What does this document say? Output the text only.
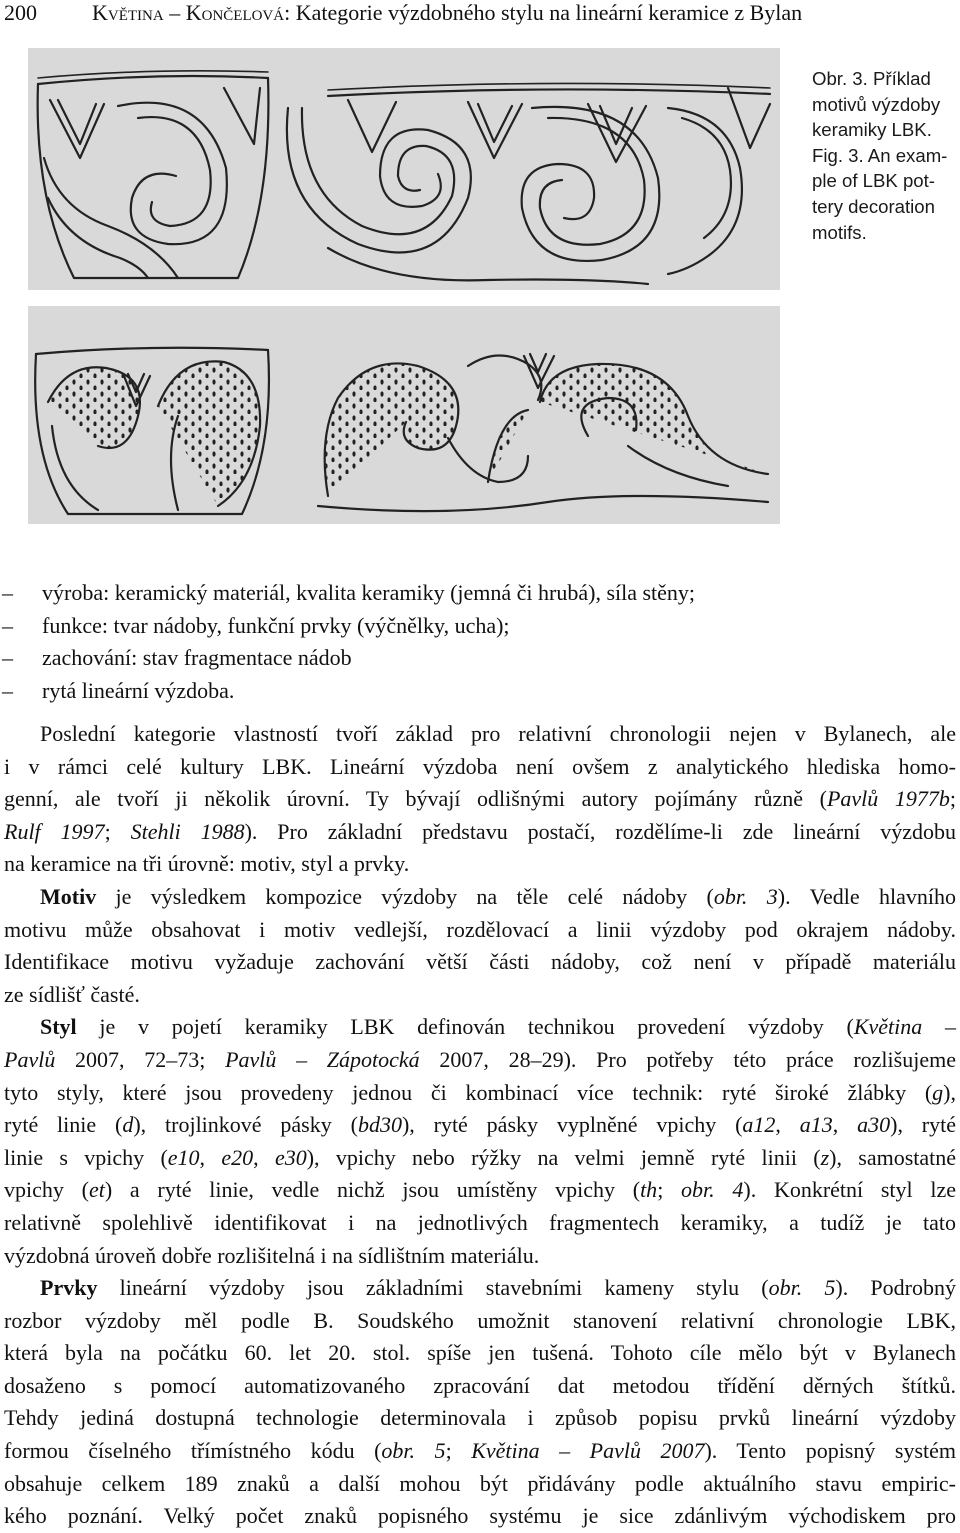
200	Květina – Končelová: Kategorie výzdobného stylu na lineární keramice z Bylan
Obr. 3. Příklad
motivů výzdoby
keramiky LBK.
Fig. 3. An exam-
ple of LBK pot-
tery decoration
motifs.
–	výroba: keramický materiál, kvalita keramiky (jemná či hrubá), síla stěny;
–	funkce: tvar nádoby, funkční prvky (výčnělky, ucha);
–	zachování: stav fragmentace nádob
–	rytá lineární výzdoba.
Poslední kategorie vlastností tvoří základ pro relativní chronologii nejen v Bylanech, ale
i v rámci celé kultury LBK. Lineární výzdoba není ovšem z analytického hlediska homo-
genní, ale tvoří ji několik úrovní. Ty bývají odlišnými autory pojímány různě (Pavlů 1977b;
Rulf 1997; Stehli 1988). Pro základní představu postačí, rozdělíme-li zde lineární výzdobu
na keramice na tři úrovně: motiv, styl a prvky.
Motiv je výsledkem kompozice výzdoby na těle celé nádoby (obr. 3). Vedle hlavního
motivu může obsahovat i motiv vedlejší, rozdělovací a linii výzdoby pod okrajem nádoby.
Identifikace motivu vyžaduje zachování větší části nádoby, což není v případě materiálu
ze sídlišť časté.
Styl je v pojetí keramiky LBK definován technikou provedení výzdoby (Květina –
Pavlů 2007, 72–73; Pavlů – Zápotocká 2007, 28–29). Pro potřeby této práce rozlišujeme
tyto styly, které jsou provedeny jednou či kombinací více technik: ryté široké žlábky (g),
ryté linie (d), trojlinkové pásky (bd30), ryté pásky vyplněné vpichy (a12, a13, a30), ryté
linie s vpichy (e10, e20, e30), vpichy nebo rýžky na velmi jemně ryté linii (z), samostatné
vpichy (et) a ryté linie, vedle nichž jsou umístěny vpichy (th; obr. 4). Konkrétní styl lze
relativně spolehlivě identifikovat i na jednotlivých fragmentech keramiky, a tudíž je tato
výzdobná úroveň dobře rozlišitelná i na sídlištním materiálu.
Prvky lineární výzdoby jsou základními stavebními kameny stylu (obr. 5). Podrobný
rozbor výzdoby měl podle B. Soudského umožnit stanovení relativní chronologie LBK,
která byla na počátku 60. let 20. stol. spíše jen tušená. Tohoto cíle mělo být v Bylanech
dosaženo s pomocí automatizovaného zpracování dat metodou třídění děrných štítků.
Tehdy jediná dostupná technologie determinovala i způsob popisu prvků lineární výzdoby
formou číselného třímístného kódu (obr. 5; Květina – Pavlů 2007). Tento popisný systém
obsahuje celkem 189 znaků a další mohou být přidávány podle aktuálního stavu empiric-
kého poznání. Velký počet znaků popisného systému je sice zdánlivým východiskem pro
